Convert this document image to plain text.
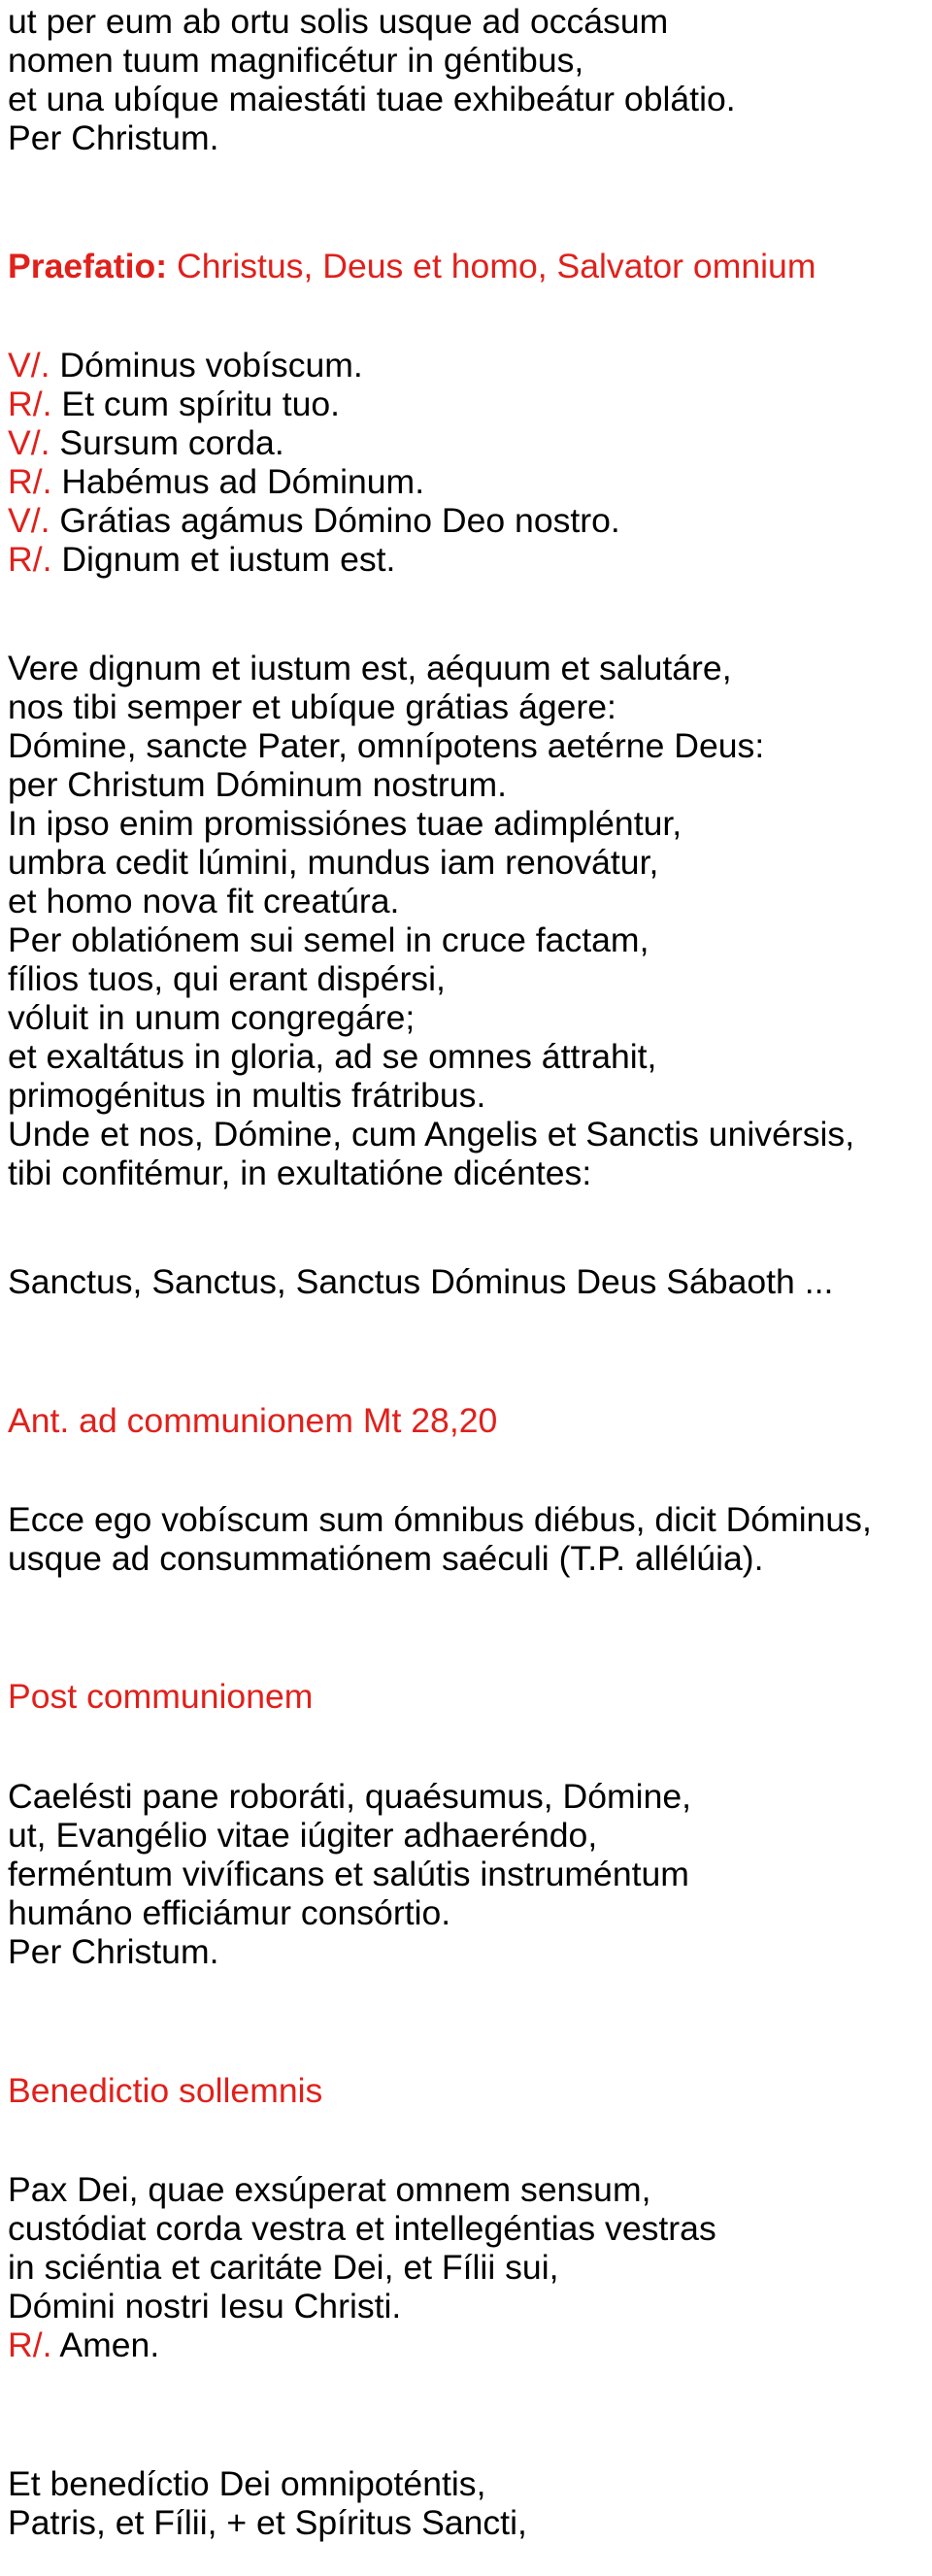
ut per eum ab ortu solis usque ad occásum

nomen tuum magnificétur in géntibus,

et una ubíque maiestáti tuae exhibeátur oblátio.

Per Christum.

Praefatio: Christus, Deus et homo, Salvator omnium

V/. Dóminus vobíscum.

R/. Et cum spíritu tuo.

V/. Sursum corda.

R/. Habémus ad Dóminum.

V/. Grátias agámus Dómino Deo nostro.

R/. Dignum et iustum est.

Vere dignum et iustum est, aéquum et salutáre,

nos tibi semper et ubíque grátias ágere:

Dómine, sancte Pater, omnípotens aetérne Deus:

per Christum Dóminum nostrum.

In ipso enim promissiónes tuae adimpléntur,

umbra cedit lúmini, mundus iam renovátur,

et homo nova fit creatúra.

Per oblatiónem sui semel in cruce factam,

fílios tuos, qui erant dispérsi,

vóluit in unum congregáre;

et exaltátus in gloria, ad se omnes áttrahit,

primogénitus in multis frátribus.

Unde et nos, Dómine, cum Angelis et Sanctis univérsis,

tibi confitémur, in exultatióne dicéntes:

Sanctus, Sanctus, Sanctus Dóminus Deus Sábaoth ...

Ant. ad communionem Mt 28,20

Ecce ego vobíscum sum ómnibus diébus, dicit Dóminus,

usque ad consummatiónem saéculi (T.P. allélúia).

Post communionem

Caelésti pane roboráti, quaésumus, Dómine,

ut, Evangélio vitae iúgiter adhaeréndo,

ferméntum vivíficans et salútis instruméntum

humáno efficiámur consórtio.

Per Christum.

Benedictio sollemnis

Pax Dei, quae exsúperat omnem sensum,

custódiat corda vestra et intellegéntias vestras

in sciéntia et caritáte Dei, et Fílii sui,

Dómini nostri Iesu Christi.

R/. Amen.

Et benedíctio Dei omnipoténtis,

Patris, et Fílii, + et Spíritus Sancti,
